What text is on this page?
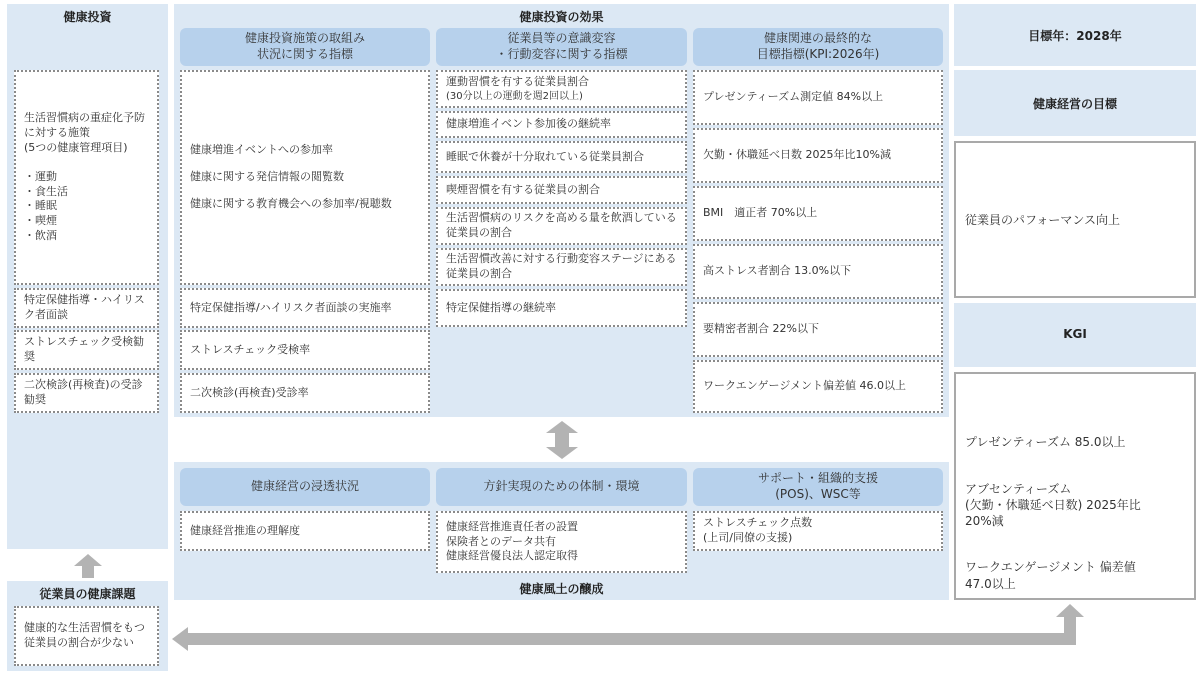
健康投資
生活習慣病の重症化予防に対する施策
(5つの健康管理項目)
・運動
・食生活
・睡眠
・喫煙
・飲酒
特定保健指導・ハイリスク者面談
ストレスチェック受検勧奨
二次検診(再検査)の受診勧奨
従業員の健康課題
健康的な生活習慣をもつ従業員の割合が少ない
健康投資の効果
健康投資施策の取組み
状況に関する指標
従業員等の意識変容
・行動変容に関する指標
健康関連の最終的な
目標指標(KPI:2026年)
健康増進イベントへの参加率
健康に関する発信情報の閲覧数
健康に関する教育機会への参加率/視聴数
特定保健指導/ハイリスク者面談の実施率
ストレスチェック受検率
二次検診(再検査)受診率
運動習慣を有する従業員割合
(30分以上の運動を週2回以上)
健康増進イベント参加後の継続率
睡眠で休養が十分取れている従業員割合
喫煙習慣を有する従業員の割合
生活習慣病のリスクを高める量を飲酒している従業員の割合
生活習慣改善に対する行動変容ステージにある従業員の割合
特定保健指導の継続率
プレゼンティーズム測定値 84%以上
欠勤・休職延べ日数 2025年比10%減
BMI　適正者 70%以上
高ストレス者割合 13.0%以下
要精密者割合 22%以下
ワークエンゲージメント偏差値 46.0以上
健康経営の浸透状況	方針実現のための体制・環境
サポート・組織的支援
(POS)、WSC等
健康経営推進の理解度	健康経営推進責任者の設置
保険者とのデータ共有
健康経営優良法人認定取得
ストレスチェック点数
(上司/同僚の支援)
健康風土の醸成
目標年：2028年
健康経営の目標
従業員のパフォーマンス向上
KGI

プレゼンティーズム 85.0以上

アブセンティーズム
(欠勤・休職延べ日数) 2025年比
20%減

ワークエンゲージメント 偏差値
47.0以上
